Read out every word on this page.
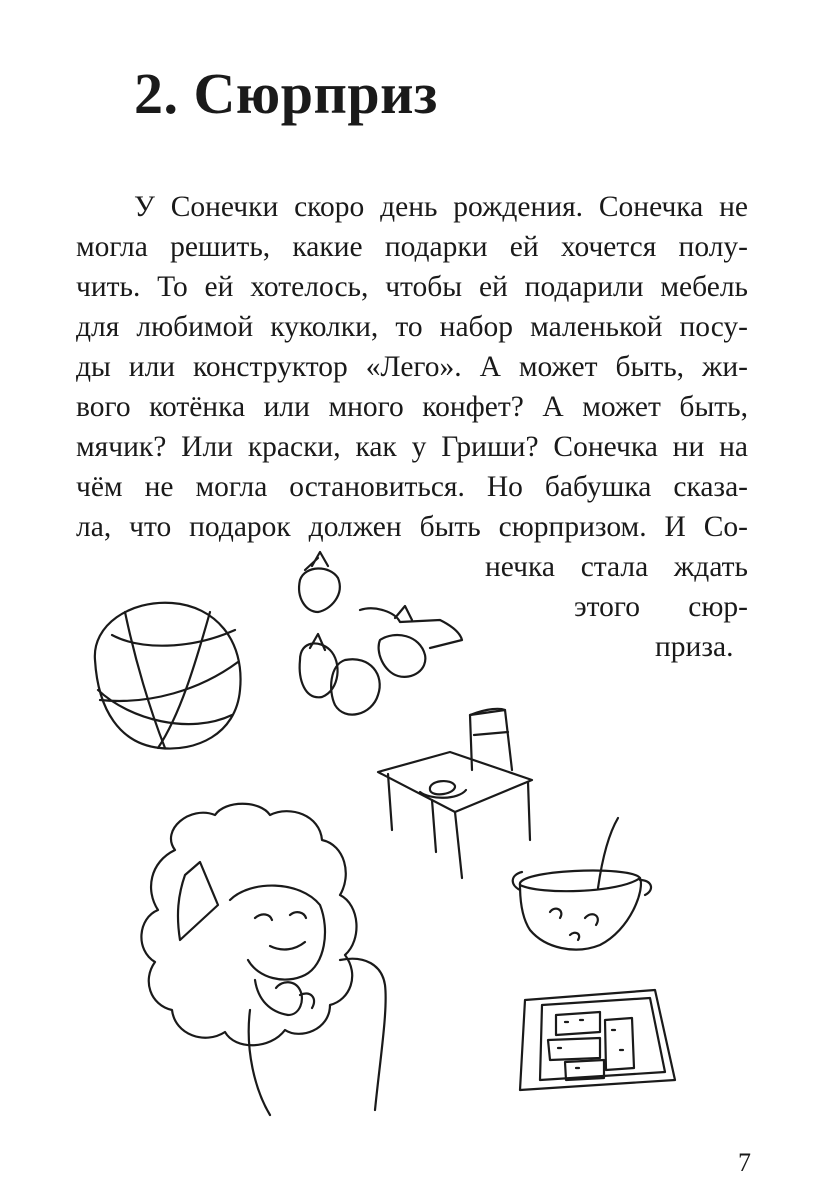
2. Сюрприз
У Сонечки скоро день рождения. Сонечка не
могла решить, какие подарки ей хочется полу-
чить. То ей хотелось, чтобы ей подарили мебель
для любимой куколки, то набор маленькой посу-
ды или конструктор «Лего». А может быть, жи-
вого котёнка или много конфет? А может быть,
мячик? Или краски, как у Гриши? Сонечка ни на
чём не могла остановиться. Но бабушка сказа-
ла, что подарок должен быть сюрпризом. И Со-
нечка стала ждать
этого сюр-
приза.
7
